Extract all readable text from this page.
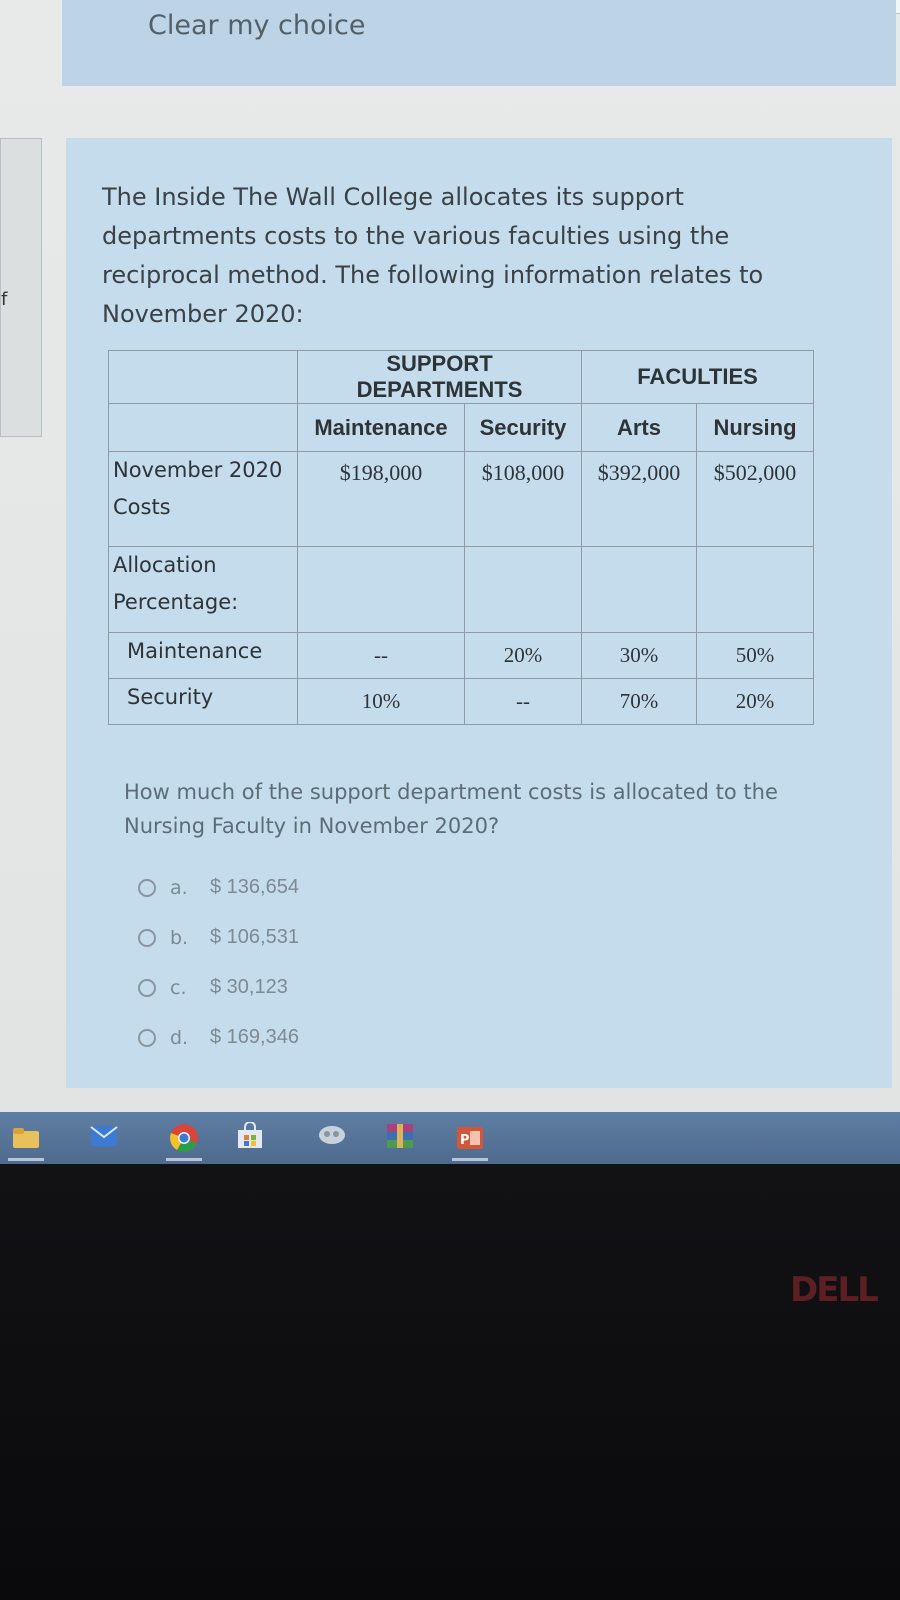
f
Clear my choice
The Inside The Wall College allocates its support departments costs to the various faculties using the reciprocal method. The following information relates to November 2020:
	SUPPORT DEPARTMENTS		FACULTIES	
	Maintenance	Security	Arts	Nursing
November 2020 Costs	$198,000	$108,000	$392,000	$502,000
Allocation Percentage:				
Maintenance	--	20%	30%	50%
Security	10%	--	70%	20%
How much of the support department costs is allocated to the Nursing Faculty in November 2020?
a.	$ 136,654
b.	$ 106,531
c.	$ 30,123
d.	$ 169,346
P
DELL
